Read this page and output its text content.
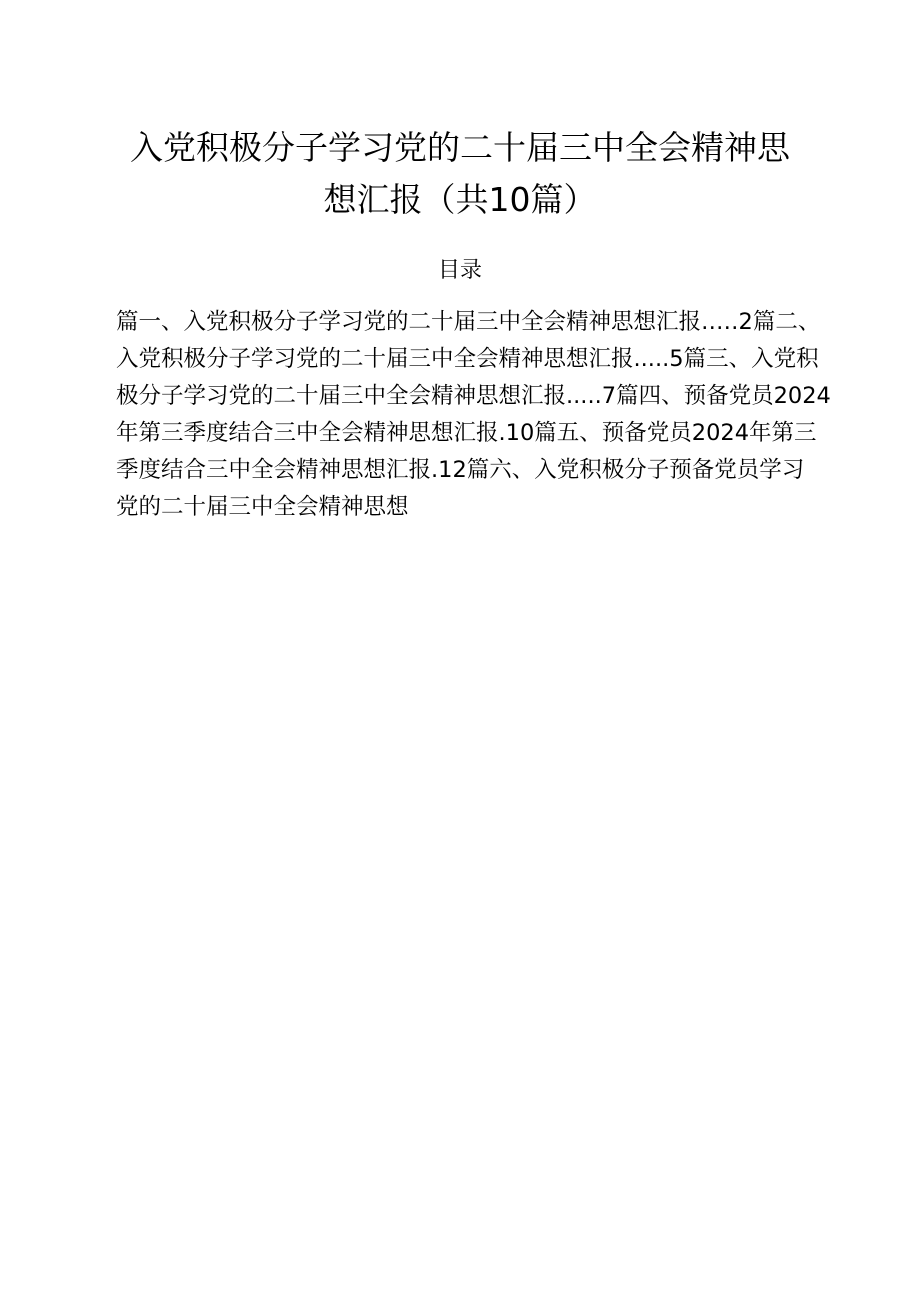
入党积极分子学习党的二十届三中全会精神思
想汇报（共10篇）
目录
篇一、入党积极分子学习党的二十届三中全会精神思想汇报…‥2篇二、
入党积极分子学习党的二十届三中全会精神思想汇报.....5篇三、入党积
极分子学习党的二十届三中全会精神思想汇报.....7篇四、预备党员2024
年第三季度结合三中全会精神思想汇报.10篇五、预备党员2024年第三
季度结合三中全会精神思想汇报.12篇六、入党积极分子预备党员学习
党的二十届三中全会精神思想
